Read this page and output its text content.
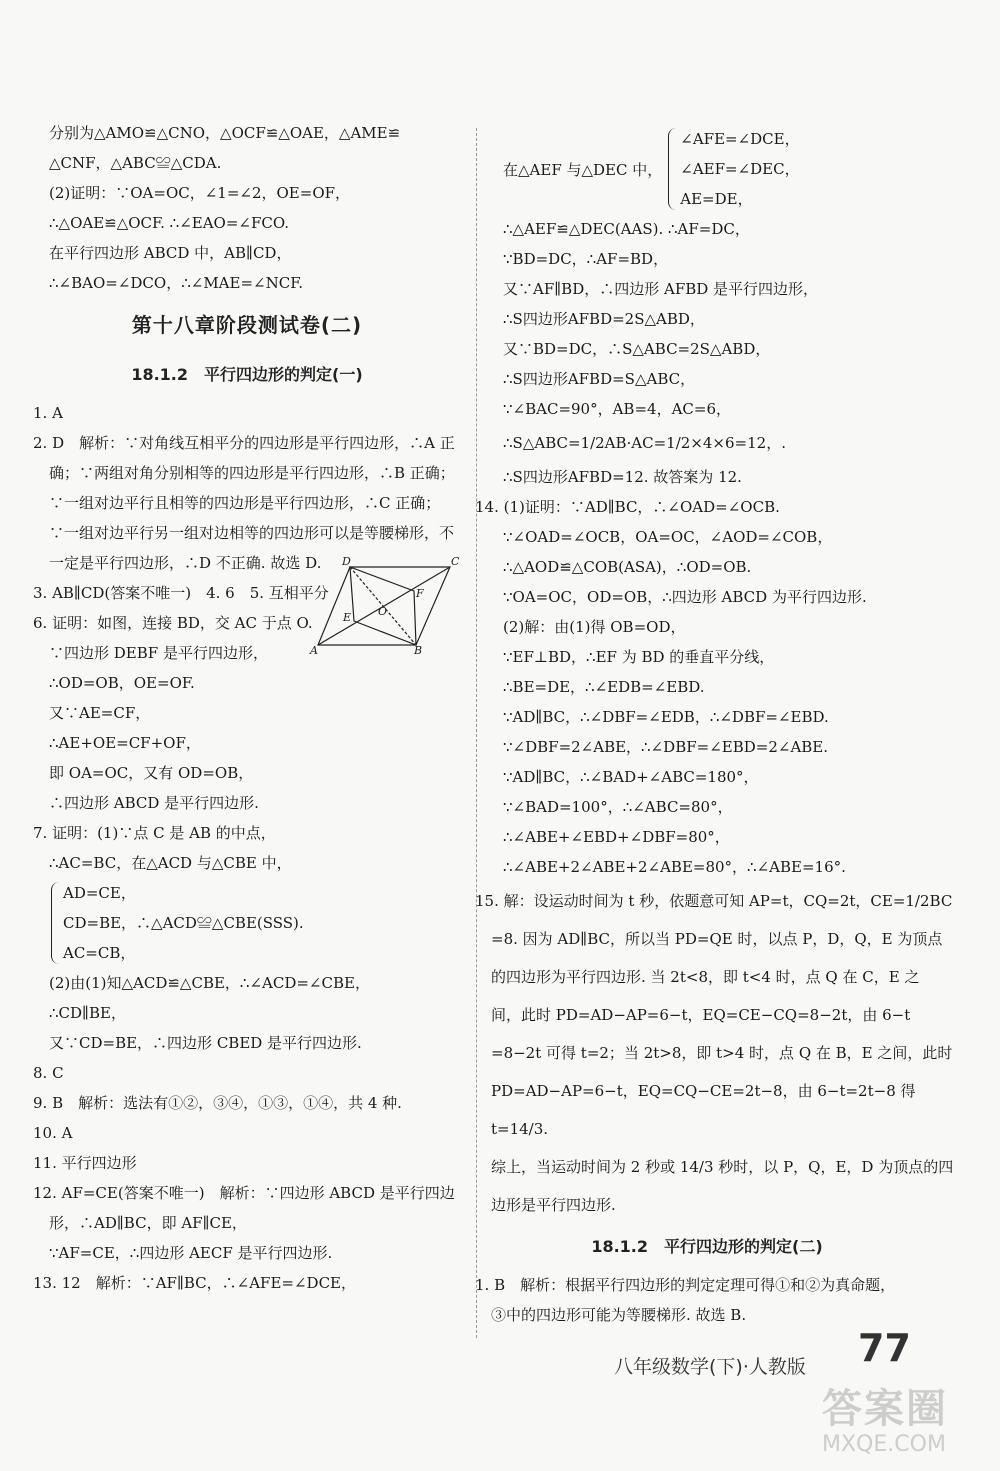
分别为△AMO≌△CNO，△OCF≌△OAE，△AME≌
△CNF，△ABC≌△CDA.
(2)证明：∵OA=OC，∠1=∠2，OE=OF，
∴△OAE≌△OCF. ∴∠EAO=∠FCO.
在平行四边形 ABCD 中，AB∥CD，
∴∠BAO=∠DCO，∴∠MAE=∠NCF.
第十八章阶段测试卷(二)
18.1.2　平行四边形的判定(一)
1. A
2. D　解析：∵对角线互相平分的四边形是平行四边形，∴A 正
确；∵两组对角分别相等的四边形是平行四边形，∴B 正确；
∵一组对边平行且相等的四边形是平行四边形，∴C 正确；
∵一组对边平行另一组对边相等的四边形可以是等腰梯形，不
一定是平行四边形，∴D 不正确. 故选 D.
3. AB∥CD(答案不唯一)　4. 6　5. 互相平分
6. 证明：如图，连接 BD，交 AC 于点 O.
∵四边形 DEBF 是平行四边形，
∴OD=OB，OE=OF.
又∵AE=CF，
∴AE+OE=CF+OF，
即 OA=OC，又有 OD=OB，
∴四边形 ABCD 是平行四边形.
7. 证明：(1)∵点 C 是 AB 的中点，
∴AC=BC，在△ACD 与△CBE 中，
AD=CE，
CD=BE，∴△ACD≌△CBE(SSS).
AC=CB，
(2)由(1)知△ACD≌△CBE，∴∠ACD=∠CBE，
∴CD∥BE，
又∵CD=BE，∴四边形 CBED 是平行四边形.
8. C
9. B　解析：选法有①②，③④，①③，①④，共 4 种.
10. A
11. 平行四边形
12. AF=CE(答案不唯一)　解析：∵四边形 ABCD 是平行四边
形，∴AD∥BC，即 AF∥CE，
∵AF=CE，∴四边形 AECF 是平行四边形.
13. 12　解析：∵AF∥BC，∴∠AFE=∠DCE，
D	C
E
F
O
A	B
在△AEF 与△DEC 中，
∠AFE=∠DCE，
∠AEF=∠DEC，
AE=DE，
∴△AEF≌△DEC(AAS). ∴AF=DC，
∵BD=DC，∴AF=BD，
又∵AF∥BD，∴四边形 AFBD 是平行四边形，
∴S四边形AFBD=2S△ABD，
又∵BD=DC，∴S△ABC=2S△ABD，
∴S四边形AFBD=S△ABC，
∵∠BAC=90°，AB=4，AC=6，
∴S△ABC=1/2AB·AC=1/2×4×6=12，.
∴S四边形AFBD=12. 故答案为 12.
14. (1)证明：∵AD∥BC，∴∠OAD=∠OCB.
∵∠OAD=∠OCB，OA=OC，∠AOD=∠COB，
∴△AOD≌△COB(ASA)，∴OD=OB.
∵OA=OC，OD=OB，∴四边形 ABCD 为平行四边形.
(2)解：由(1)得 OB=OD，
∵EF⊥BD，∴EF 为 BD 的垂直平分线，
∴BE=DE，∴∠EDB=∠EBD.
∵AD∥BC，∴∠DBF=∠EDB，∴∠DBF=∠EBD.
∵∠DBF=2∠ABE，∴∠DBF=∠EBD=2∠ABE.
∵AD∥BC，∴∠BAD+∠ABC=180°，
∵∠BAD=100°，∴∠ABC=80°，
∴∠ABE+∠EBD+∠DBF=80°，
∴∠ABE+2∠ABE+2∠ABE=80°，∴∠ABE=16°.
15. 解：设运动时间为 t 秒，依题意可知 AP=t，CQ=2t，CE=1/2BC
=8. 因为 AD∥BC，所以当 PD=QE 时，以点 P，D，Q，E 为顶点
的四边形为平行四边形. 当 2t<8，即 t<4 时，点 Q 在 C，E 之
间，此时 PD=AD−AP=6−t，EQ=CE−CQ=8−2t，由 6−t
=8−2t 可得 t=2；当 2t>8，即 t>4 时，点 Q 在 B，E 之间，此时
PD=AD−AP=6−t，EQ=CQ−CE=2t−8，由 6−t=2t−8 得
t=14/3.
综上，当运动时间为 2 秒或 14/3 秒时，以 P，Q，E，D 为顶点的四
边形是平行四边形.
18.1.2　平行四边形的判定(二)
1. B　解析：根据平行四边形的判定定理可得①和②为真命题，
③中的四边形可能为等腰梯形. 故选 B.
八年级数学(下)·人教版 77
答案圈
MXQE.COM
